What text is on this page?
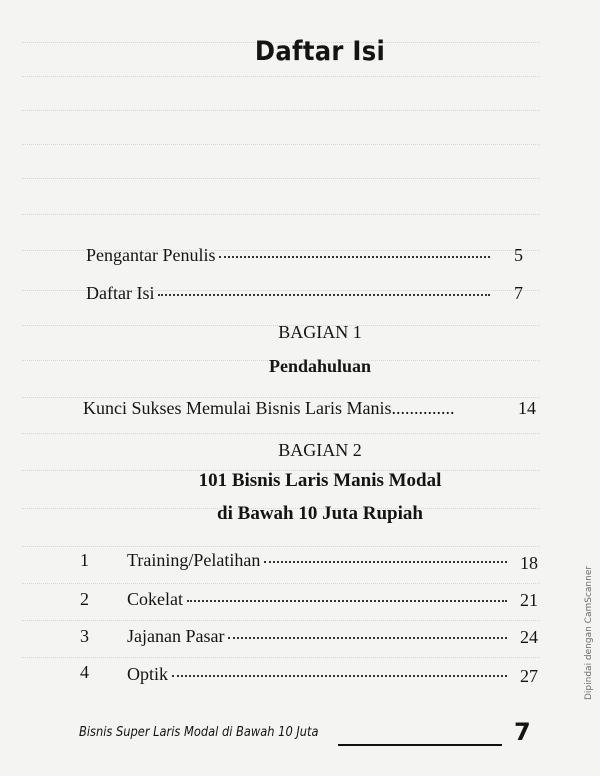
Daftar Isi
Pengantar Penulis	5
Daftar Isi	7
BAGIAN 1
Pendahuluan
Kunci Sukses Memulai Bisnis Laris Manis..............	14
BAGIAN 2
101 Bisnis Laris Manis Modal
di Bawah 10 Juta Rupiah
1 Training/Pelatihan	18
2 Cokelat	21
3 Jajanan Pasar	24
4 Optik	27
Bisnis Super Laris Modal di Bawah 10 Juta	7
Dipindai dengan CamScanner
